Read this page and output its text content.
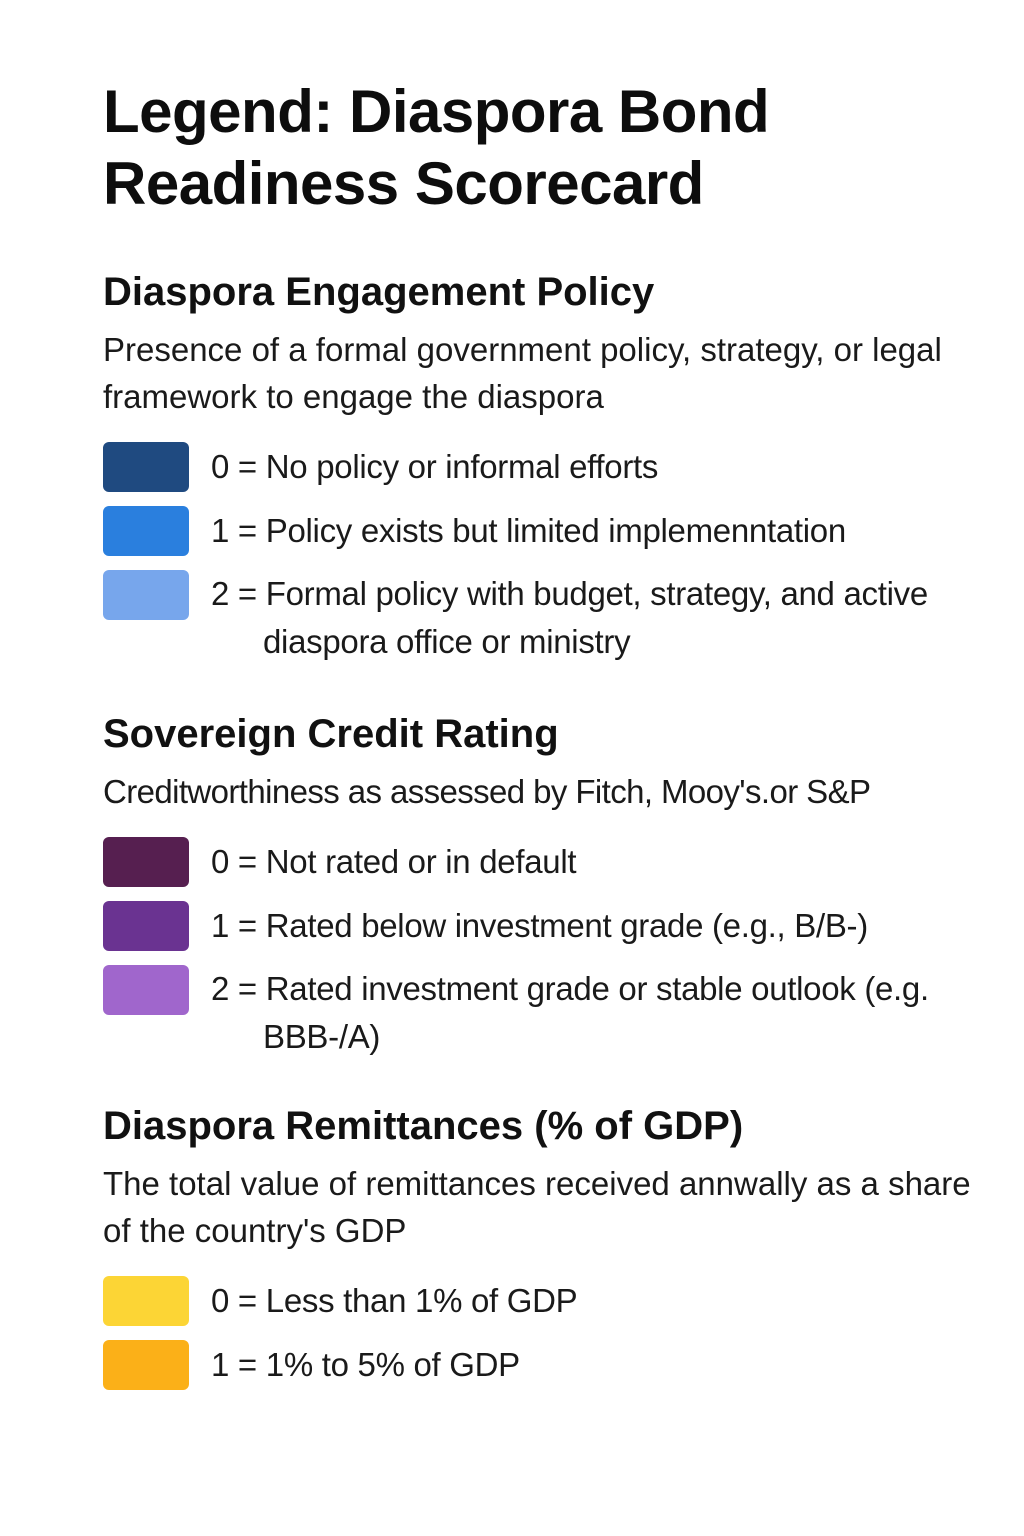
Legend: Diaspora Bond Readiness Scorecard
Diaspora Engagement Policy

Presence of a formal government policy, strategy, or legal framework to engage the diaspora

0 = No policy or informal efforts
1 = Policy exists but limited implemenntation
2 = Formal policy with budget, strategy, and active diaspora office or ministry
Sovereign Credit Rating

Creditworthiness as assessed by Fitch, Mooy's.or S&P

0 = Not rated or in default
1 = Rated below investment grade (e.g., B/B-)
2 = Rated investment grade or stable outlook (e.g. BBB-/A)
Diaspora Remittances (% of GDP)

The total value of remittances received annwally as a share of the country's GDP

0 = Less than 1% of GDP
1 = 1% to 5% of GDP
